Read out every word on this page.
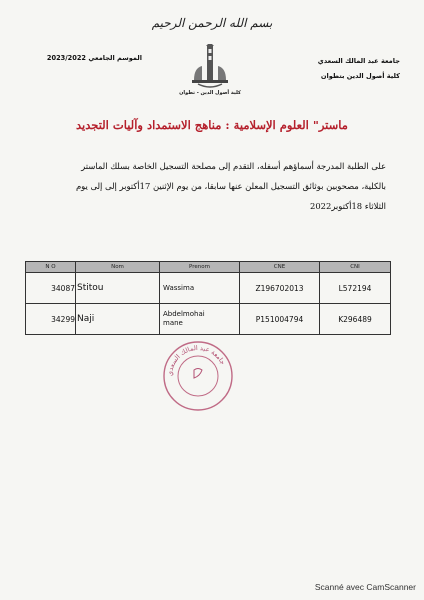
بسم الله الرحمن الرحيم
جامعة عبد المالك السعدي
كلية أصول الدين بتطوان
الموسم الجامعي 2023/2022
كلية أصول الدين - تطوان
ماستر" العلوم الإسلامية : مناهج الاستمداد وآليات التجديد
على الطلبة المدرجة أسماؤهم أسفله، التقدم إلى مصلحة التسجيل الخاصة بسلك الماستر
بالكلية، مصحوبين بوثائق التسجيل المعلن عنها سابقا، من يوم الإثنين 17أكتوبر إلى إلى يوم
الثلاثاء 18أكتوبر2022
N O	Nom	Prenom	CNE	CNI
34087	Stitou	Wassima	Z196702013	L572194
34299	Naji	Abdelmohaimane	P151004794	K296489
جامعة عبد المالك السعدي
Scanné avec CamScanner
